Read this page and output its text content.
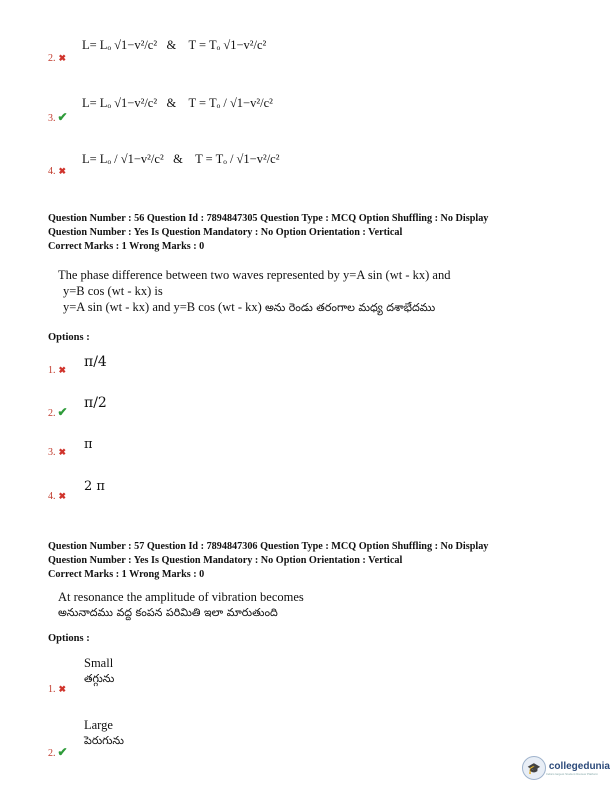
L= Lₒ √1−v²/c² & T = Tₒ √1−v²/c²
2. ✖
L= Lₒ √1−v²/c² & T = Tₒ / √1−v²/c²
3. ✔
L= Lₒ / √1−v²/c² & T = Tₒ / √1−v²/c²
4. ✖
Question Number : 56 Question Id : 7894847305 Question Type : MCQ Option Shuffling : No Display
Question Number : Yes Is Question Mandatory : No Option Orientation : Vertical
Correct Marks : 1 Wrong Marks : 0
The phase difference between two waves represented by y=A sin (wt - kx) and
y=B cos (wt - kx) is
y=A sin (wt - kx) and y=B cos (wt - kx) అను రెండు తరంగాల మధ్య దశాభేదము
Options :
π/4
1. ✖
π/2
2. ✔
π
3. ✖
2 π
4. ✖
Question Number : 57 Question Id : 7894847306 Question Type : MCQ Option Shuffling : No Display
Question Number : Yes Is Question Mandatory : No Option Orientation : Vertical
Correct Marks : 1 Wrong Marks : 0
At resonance the amplitude of vibration becomes
అనునాదము వద్ద కంపన పరిమితి ఇలా మారుతుంది
Options :
Small
తగ్గును
1. ✖
Large
పెరుగును
2. ✔
🎓 collegedunia
India's largest Student Review Platform
